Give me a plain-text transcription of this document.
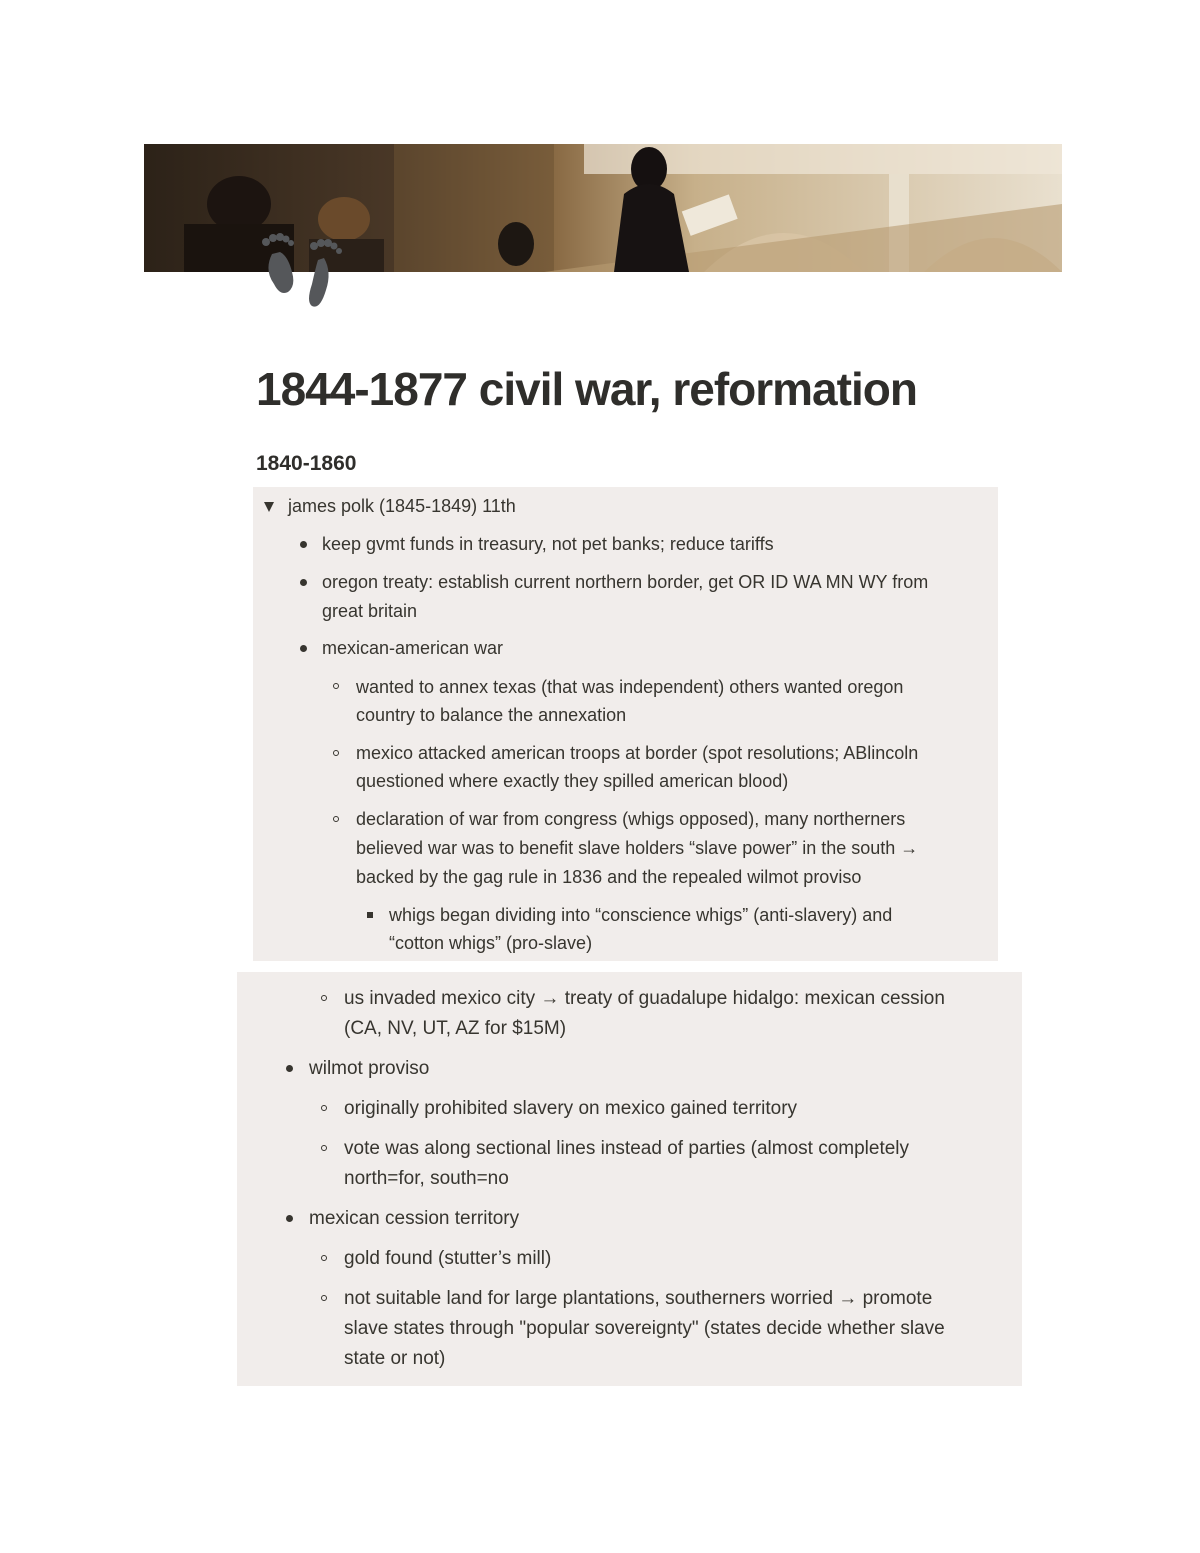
1844-1877 civil war, reformation
1840-1860
james polk (1845-1849) 11th
keep gvmt funds in treasury, not pet banks; reduce tariffs
oregon treaty: establish current northern border, get OR ID WA MN WY from
great britain
mexican-american war
wanted to annex texas (that was independent) others wanted oregon
country to balance the annexation
mexico attacked american troops at border (spot resolutions; ABlincoln
questioned where exactly they spilled american blood)
declaration of war from congress (whigs opposed), many northerners
believed war was to benefit slave holders “slave power” in the south →
backed by the gag rule in 1836 and the repealed wilmot proviso
whigs began dividing into “conscience whigs” (anti-slavery) and
“cotton whigs” (pro-slave)
us invaded mexico city → treaty of guadalupe hidalgo: mexican cession
(CA, NV, UT, AZ for $15M)
wilmot proviso
originally prohibited slavery on mexico gained territory
vote was along sectional lines instead of parties (almost completely
north=for, south=no
mexican cession territory
gold found (stutter’s mill)
not suitable land for large plantations, southerners worried → promote
slave states through "popular sovereignty" (states decide whether slave
state or not)
